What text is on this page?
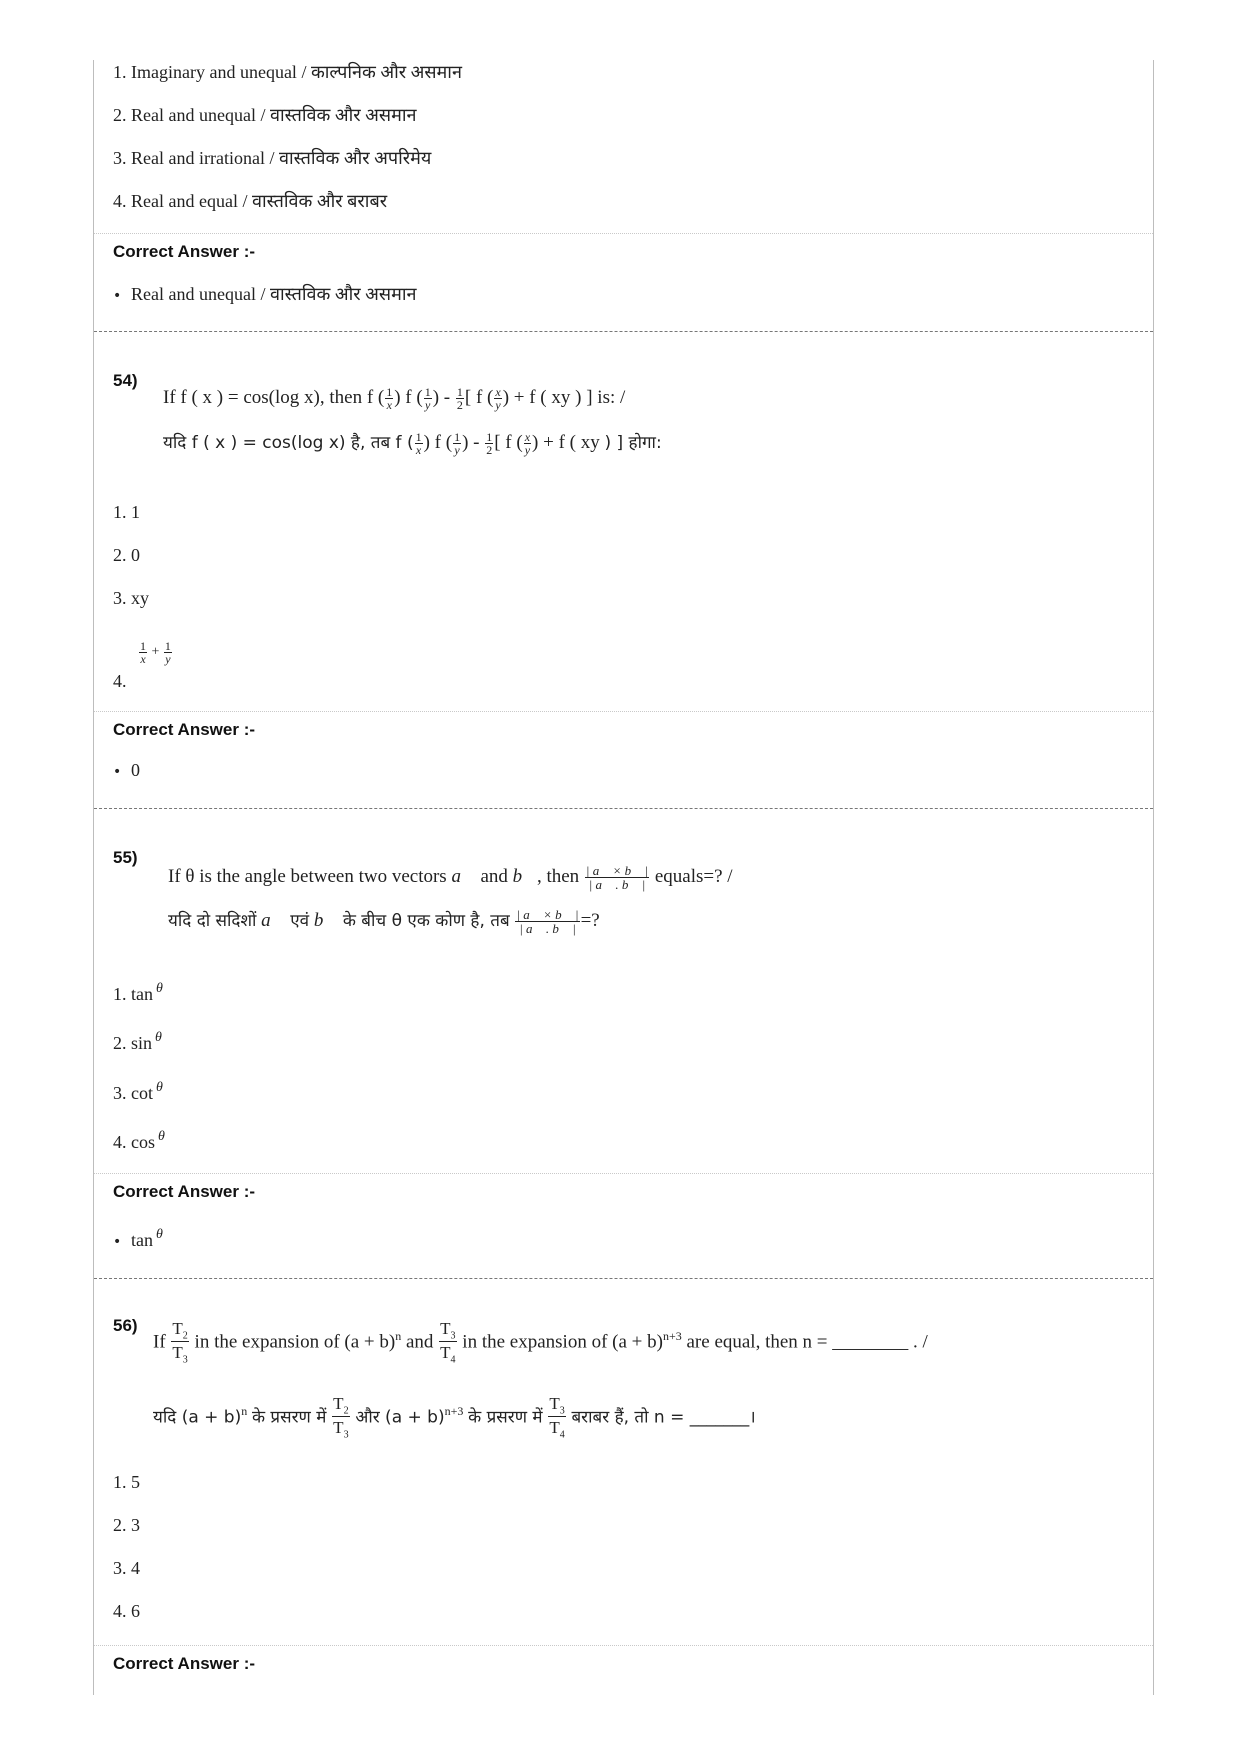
1. Imaginary and unequal / काल्पनिक और असमान
2. Real and unequal / वास्तविक और असमान
3. Real and irrational / वास्तविक और अपरिमेय
4. Real and equal / वास्तविक और बराबर
Correct Answer :-
• Real and unequal / वास्तविक और असमान
54)
If f ( x ) = cos(log x), then f ( $\frac{1}{x}$ ) f ( $\frac{1}{y}$ ) - $\frac{1}{2}$ [ f ( $\frac{x}{y}$ ) + f ( xy ) ] is: /
यदि f ( x ) = cos(log x) है, तब f ( $\frac{1}{x}$ ) f ( $\frac{1}{y}$ ) - $\frac{1}{2}$ [ f ( $\frac{x}{y}$ ) + f ( xy ) ] होगा:
1. 1
2. 0
3. xy
4.
$\frac{1}{x} + \frac{1}{y}$
Correct Answer :-
• 0
55)
If θ is the angle between two vectors a⃗ and b⃗, then $\frac{| a⃗ \times b⃗ |}{| a⃗ . b⃗ |}$ equals=? /
यदि दो सदिशों a⃗ एवं b⃗ के बीच θ एक कोण है, तब $\frac{| a⃗ \times b⃗ |}{| a⃗ . b⃗ |}$ =?
1. tan $^\theta$
2. sin $^\theta$
3. cot $^\theta$
4. cos $^\theta$
Correct Answer :-
• tan $^\theta$
56)
If $\frac{T_2}{T_3}$ in the expansion of $(a + b)^n$ and $\frac{T_3}{T_4}$ in the expansion of $(a + b)^{n+3}$ are equal, then n = ________ . /
यदि $(a + b)^n$ के प्रसरण में $\frac{T_2}{T_3}$ और $(a + b)^{n+3}$ के प्रसरण में $\frac{T_3}{T_4}$ बराबर हैं, तो n = _______।
1. 5
2. 3
3. 4
4. 6
Correct Answer :-
